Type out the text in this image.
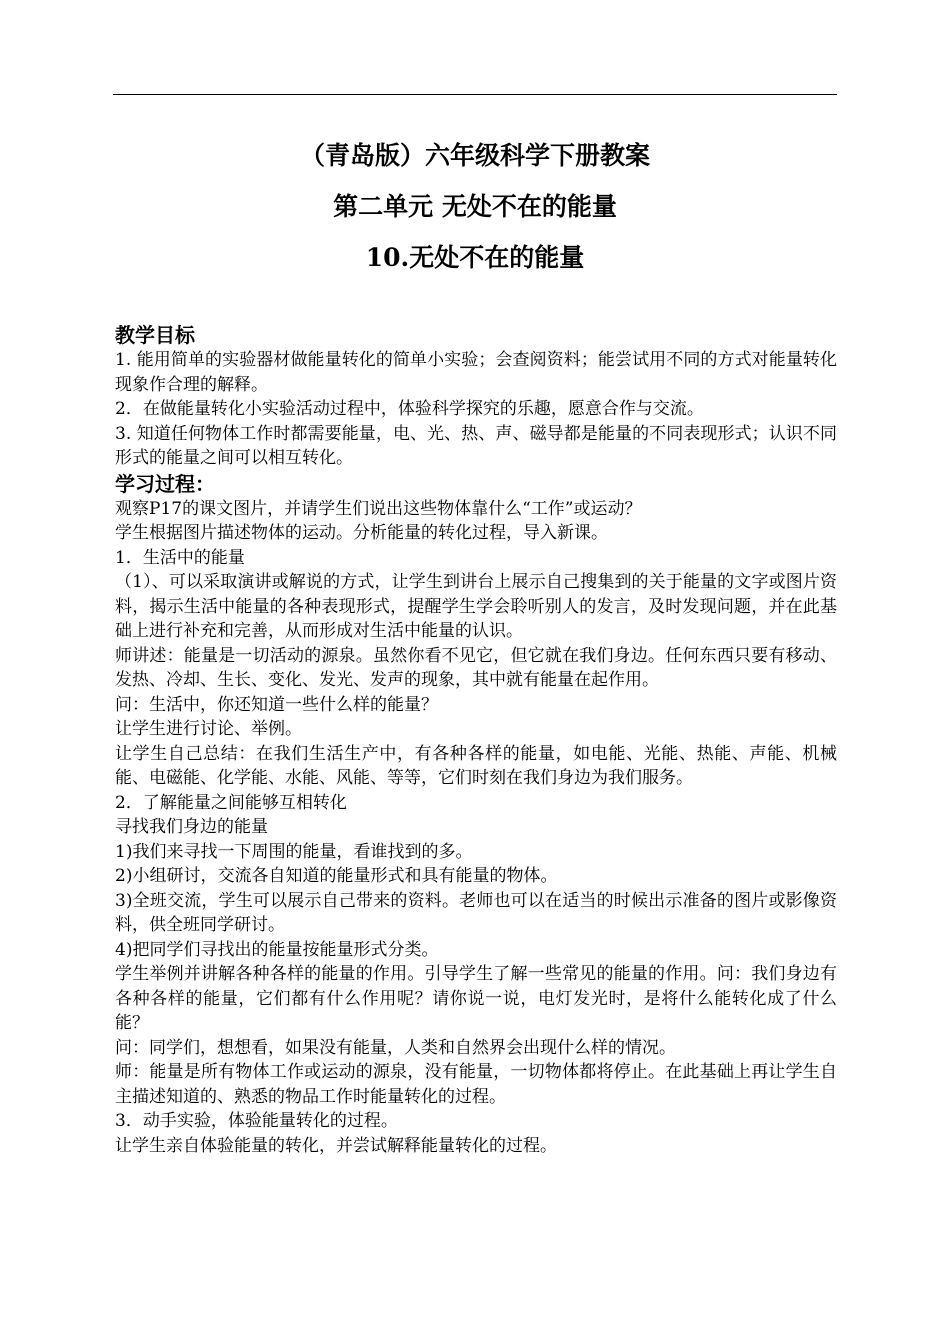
（青岛版）六年级科学下册教案
第二单元 无处不在的能量
10.无处不在的能量
教学目标
1. 能用简单的实验器材做能量转化的简单小实验；会查阅资料；能尝试用不同的方式对能量转化现象作合理的解释。
2．在做能量转化小实验活动过程中，体验科学探究的乐趣，愿意合作与交流。
3. 知道任何物体工作时都需要能量，电、光、热、声、磁导都是能量的不同表现形式；认识不同形式的能量之间可以相互转化。
学习过程：
观察P17的课文图片，并请学生们说出这些物体靠什么“工作”或运动？
学生根据图片描述物体的运动。分析能量的转化过程，导入新课。
1．生活中的能量
（1）、可以采取演讲或解说的方式，让学生到讲台上展示自己搜集到的关于能量的文字或图片资料，揭示生活中能量的各种表现形式，提醒学生学会聆听别人的发言，及时发现问题，并在此基础上进行补充和完善，从而形成对生活中能量的认识。
师讲述：能量是一切活动的源泉。虽然你看不见它，但它就在我们身边。任何东西只要有移动、发热、冷却、生长、变化、发光、发声的现象，其中就有能量在起作用。
问：生活中，你还知道一些什么样的能量？
让学生进行讨论、举例。
让学生自己总结：在我们生活生产中，有各种各样的能量，如电能、光能、热能、声能、机械能、电磁能、化学能、水能、风能、等等，它们时刻在我们身边为我们服务。
2．了解能量之间能够互相转化
寻找我们身边的能量
1)我们来寻找一下周围的能量，看谁找到的多。
2)小组研讨，交流各自知道的能量形式和具有能量的物体。
3)全班交流，学生可以展示自己带来的资料。老师也可以在适当的时候出示准备的图片或影像资料，供全班同学研讨。
4)把同学们寻找出的能量按能量形式分类。
学生举例并讲解各种各样的能量的作用。引导学生了解一些常见的能量的作用。问：我们身边有各种各样的能量，它们都有什么作用呢？请你说一说，电灯发光时，是将什么能转化成了什么能？
问：同学们，想想看，如果没有能量，人类和自然界会出现什么样的情况。
师：能量是所有物体工作或运动的源泉，没有能量，一切物体都将停止。在此基础上再让学生自主描述知道的、熟悉的物品工作时能量转化的过程。
3．动手实验，体验能量转化的过程。
让学生亲自体验能量的转化，并尝试解释能量转化的过程。
